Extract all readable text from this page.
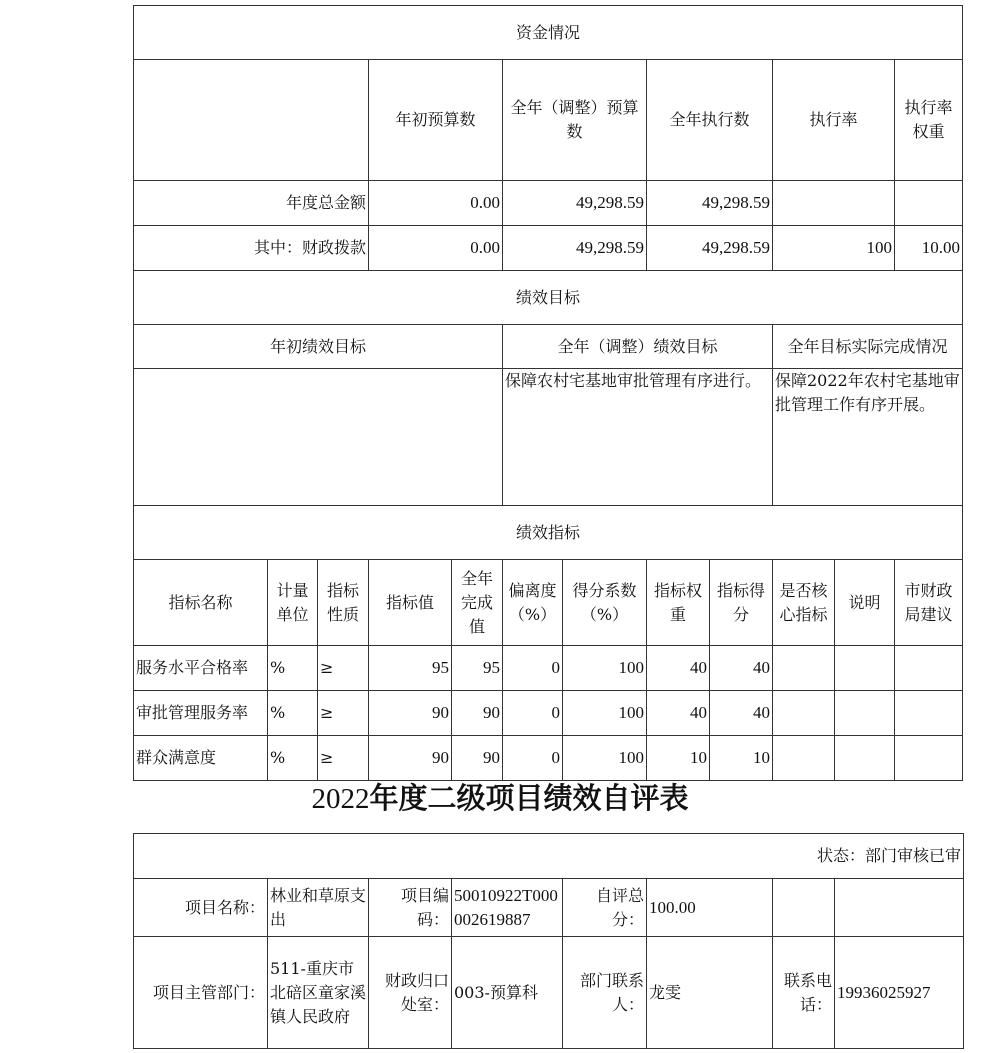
资金情况												
			年初预算数		全年（调整）预算数		全年执行数		执行率		执行率权重	
年度总金额			0.00		49,298.59		49,298.59					
其中：财政拨款			0.00		49,298.59		49,298.59		100		10.00	
绩效目标												
年初绩效目标					全年（调整）绩效目标				全年目标实际完成情况			
					保障农村宅基地审批管理有序进行。				保障2022年农村宅基地审批管理工作有序开展。			
绩效指标												
指标名称	计量单位	指标性质	指标值	全年完成值	偏离度（%）	得分系数（%）	指标权重	指标得分	是否核心指标	说明	市财政局建议	
服务水平合格率	%	≥	95	95	0	100	40	40				
审批管理服务率	%	≥	90	90	0	100	40	40				
群众满意度	%	≥	90	90	0	100	10	10				
2022年度二级项目绩效自评表
状态：部门审核已审							
项目名称：	林业和草原支出	项目编码：	50010922T000002619887	自评总分：	100.00		
项目主管部门：	511-重庆市北碚区童家溪镇人民政府	财政归口处室：	003-预算科	部门联系人：	龙雯	联系电话：	19936025927
